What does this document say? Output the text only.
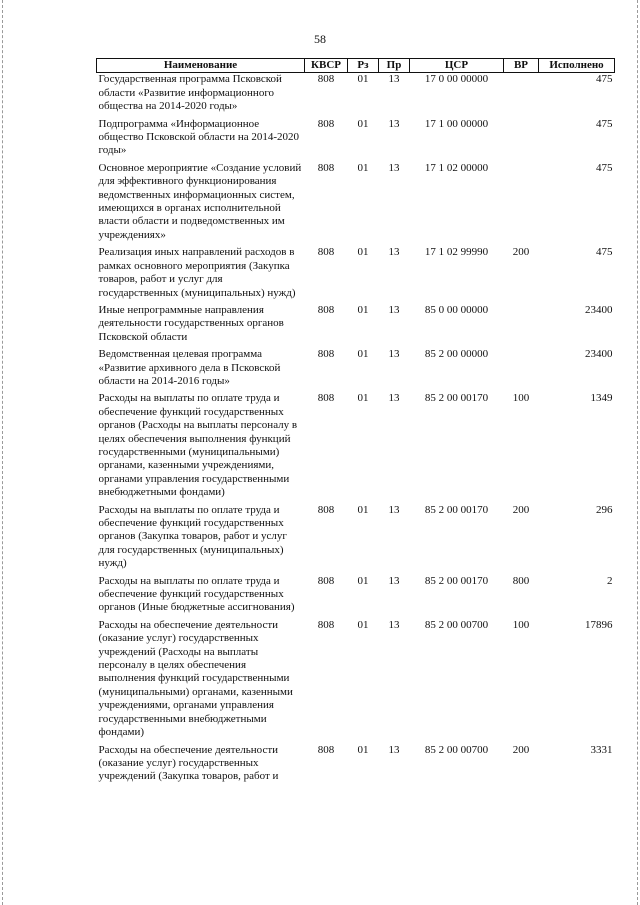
58
Наименование	КВСР	Рз	Пр	ЦСР	ВР	Исполнено
Государственная программа Псковской области «Развитие информационного общества на 2014-2020 годы»	808	01	13	17 0 00 00000		475
Подпрограмма «Информационное общество Псковской области на 2014-2020 годы»	808	01	13	17 1 00 00000		475
Основное мероприятие «Создание условий для эффективного функционирования ведомственных информационных систем, имеющихся в органах исполнительной власти области и подведомственных им учреждениях»	808	01	13	17 1 02 00000		475
Реализация иных направлений расходов в рамках основного мероприятия (Закупка товаров, работ и услуг для государственных (муниципальных) нужд)	808	01	13	17 1 02 99990	200	475
Иные непрограммные направления деятельности государственных органов Псковской области	808	01	13	85 0 00 00000		23400
Ведомственная целевая программа «Развитие архивного дела в Псковской области на 2014-2016 годы»	808	01	13	85 2 00 00000		23400
Расходы на выплаты по оплате труда и обеспечение функций государственных органов (Расходы на выплаты персоналу в целях обеспечения выполнения функций государственными (муниципальными) органами, казенными учреждениями, органами управления государственными внебюджетными фондами)	808	01	13	85 2 00 00170	100	1349
Расходы на выплаты по оплате труда и обеспечение функций государственных органов (Закупка товаров, работ и услуг для государственных (муниципальных) нужд)	808	01	13	85 2 00 00170	200	296
Расходы на выплаты по оплате труда и обеспечение функций государственных органов (Иные бюджетные ассигнования)	808	01	13	85 2 00 00170	800	2
Расходы на обеспечение деятельности (оказание услуг) государственных учреждений (Расходы на выплаты персоналу в целях обеспечения выполнения функций государственными (муниципальными) органами, казенными учреждениями, органами управления государственными внебюджетными фондами)	808	01	13	85 2 00 00700	100	17896
Расходы на обеспечение деятельности (оказание услуг) государственных учреждений (Закупка товаров, работ и	808	01	13	85 2 00 00700	200	3331
